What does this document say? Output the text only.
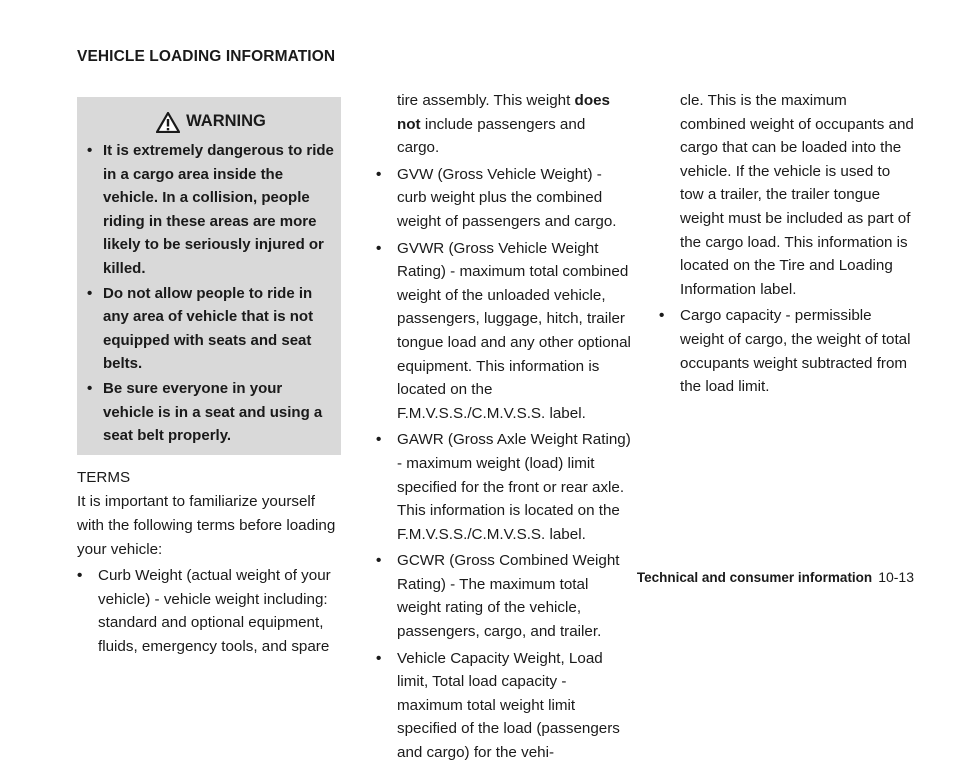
VEHICLE LOADING INFORMATION
WARNING
• It is extremely dangerous to ride in a cargo area inside the vehicle. In a collision, people riding in these areas are more likely to be seriously injured or killed.
• Do not allow people to ride in any area of vehicle that is not equipped with seats and seat belts.
• Be sure everyone in your vehicle is in a seat and using a seat belt properly.

TERMS

It is important to familiarize yourself with the following terms before loading your vehicle:

• Curb Weight (actual weight of your vehicle) - vehicle weight including: standard and optional equipment, fluids, emergency tools, and spare
tire assembly. This weight does not include passengers and cargo.
• GVW (Gross Vehicle Weight) - curb weight plus the combined weight of passengers and cargo.
• GVWR (Gross Vehicle Weight Rating) - maximum total combined weight of the unloaded vehicle, passengers, luggage, hitch, trailer tongue load and any other optional equipment. This information is located on the F.M.V.S.S./C.M.V.S.S. label.
• GAWR (Gross Axle Weight Rating) - maximum weight (load) limit specified for the front or rear axle. This information is located on the F.M.V.S.S./C.M.V.S.S. label.
• GCWR (Gross Combined Weight Rating) - The maximum total weight rating of the vehicle, passengers, cargo, and trailer.
• Vehicle Capacity Weight, Load limit, Total load capacity - maximum total weight limit specified of the load (passengers and cargo) for the vehi-
cle. This is the maximum combined weight of occupants and cargo that can be loaded into the vehicle. If the vehicle is used to tow a trailer, the trailer tongue weight must be included as part of the cargo load. This information is located on the Tire and Loading Information label.
• Cargo capacity - permissible weight of cargo, the weight of total occupants weight subtracted from the load limit.
Technical and consumer information 10-13
